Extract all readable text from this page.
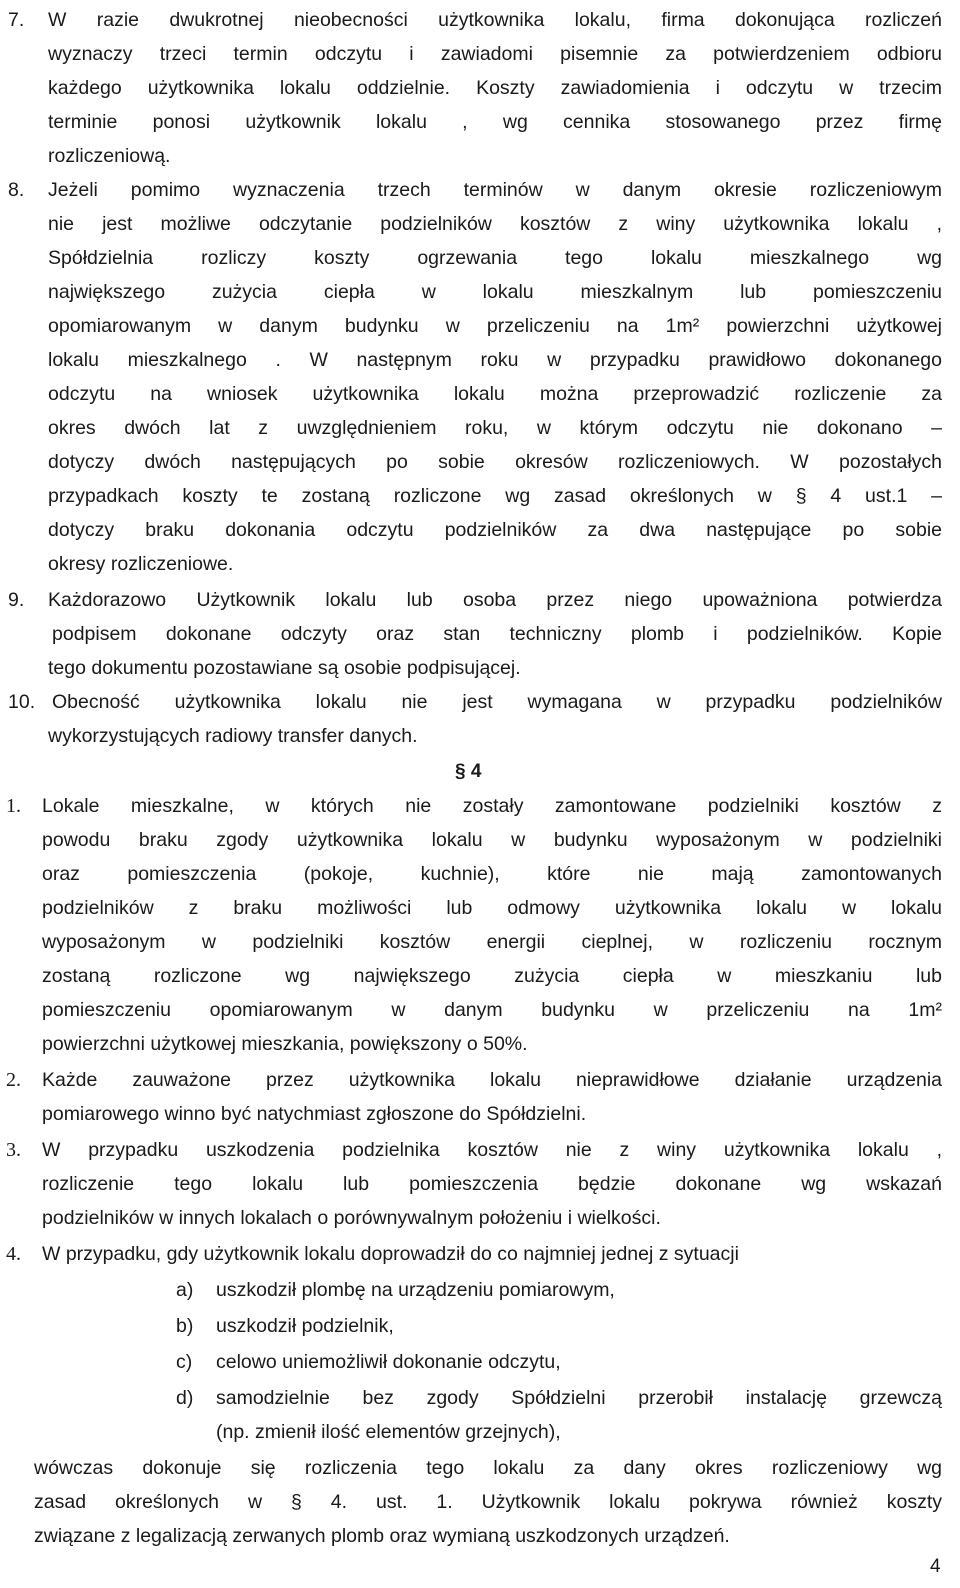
7. W razie dwukrotnej nieobecności użytkownika lokalu, firma dokonująca rozliczeń
wyznaczy trzeci termin odczytu i zawiadomi pisemnie za potwierdzeniem odbioru
każdego użytkownika lokalu oddzielnie. Koszty zawiadomienia i odczytu w trzecim
terminie ponosi użytkownik lokalu , wg cennika stosowanego przez firmę
rozliczeniową.
8. Jeżeli pomimo wyznaczenia trzech terminów w danym okresie rozliczeniowym
nie jest możliwe odczytanie podzielników kosztów z winy użytkownika lokalu ,
Spółdzielnia rozliczy koszty ogrzewania tego lokalu mieszkalnego wg
największego zużycia ciepła w lokalu mieszkalnym lub pomieszczeniu
opomiarowanym w danym budynku w przeliczeniu na 1m² powierzchni użytkowej
lokalu mieszkalnego . W następnym roku w przypadku prawidłowo dokonanego
odczytu na wniosek użytkownika lokalu można przeprowadzić rozliczenie za
okres dwóch lat z uwzględnieniem roku, w którym odczytu nie dokonano –
dotyczy dwóch następujących po sobie okresów rozliczeniowych. W pozostałych
przypadkach koszty te zostaną rozliczone wg zasad określonych w § 4 ust.1 –
dotyczy braku dokonania odczytu podzielników za dwa następujące po sobie
okresy rozliczeniowe.
9. Każdorazowo Użytkownik lokalu lub osoba przez niego upoważniona potwierdza
podpisem dokonane odczyty oraz stan techniczny plomb i podzielników. Kopie
tego dokumentu pozostawiane są osobie podpisującej.
10. Obecność użytkownika lokalu nie jest wymagana w przypadku podzielników
wykorzystujących radiowy transfer danych.
§ 4
1. Lokale mieszkalne, w których nie zostały zamontowane podzielniki kosztów z
powodu braku zgody użytkownika lokalu w budynku wyposażonym w podzielniki
oraz pomieszczenia (pokoje, kuchnie), które nie mają zamontowanych
podzielników z braku możliwości lub odmowy użytkownika lokalu w lokalu
wyposażonym w podzielniki kosztów energii cieplnej, w rozliczeniu rocznym
zostaną rozliczone wg największego zużycia ciepła w mieszkaniu lub
pomieszczeniu opomiarowanym w danym budynku w przeliczeniu na 1m²
powierzchni użytkowej mieszkania, powiększony o 50%.
2. Każde zauważone przez użytkownika lokalu nieprawidłowe działanie urządzenia
pomiarowego winno być natychmiast zgłoszone do Spółdzielni.
3. W przypadku uszkodzenia podzielnika kosztów nie z winy użytkownika lokalu ,
rozliczenie tego lokalu lub pomieszczenia będzie dokonane wg wskazań
podzielników w innych lokalach o porównywalnym położeniu i wielkości.
4. W przypadku, gdy użytkownik lokalu doprowadził do co najmniej jednej z sytuacji
a) uszkodził plombę na urządzeniu pomiarowym,
b) uszkodził podzielnik,
c) celowo uniemożliwił dokonanie odczytu,
d) samodzielnie bez zgody Spółdzielni przerobił instalację grzewczą
(np. zmienił ilość elementów grzejnych),
wówczas dokonuje się rozliczenia tego lokalu za dany okres rozliczeniowy wg
zasad określonych w § 4. ust. 1. Użytkownik lokalu pokrywa również koszty
związane z legalizacją zerwanych plomb oraz wymianą uszkodzonych urządzeń.
4
